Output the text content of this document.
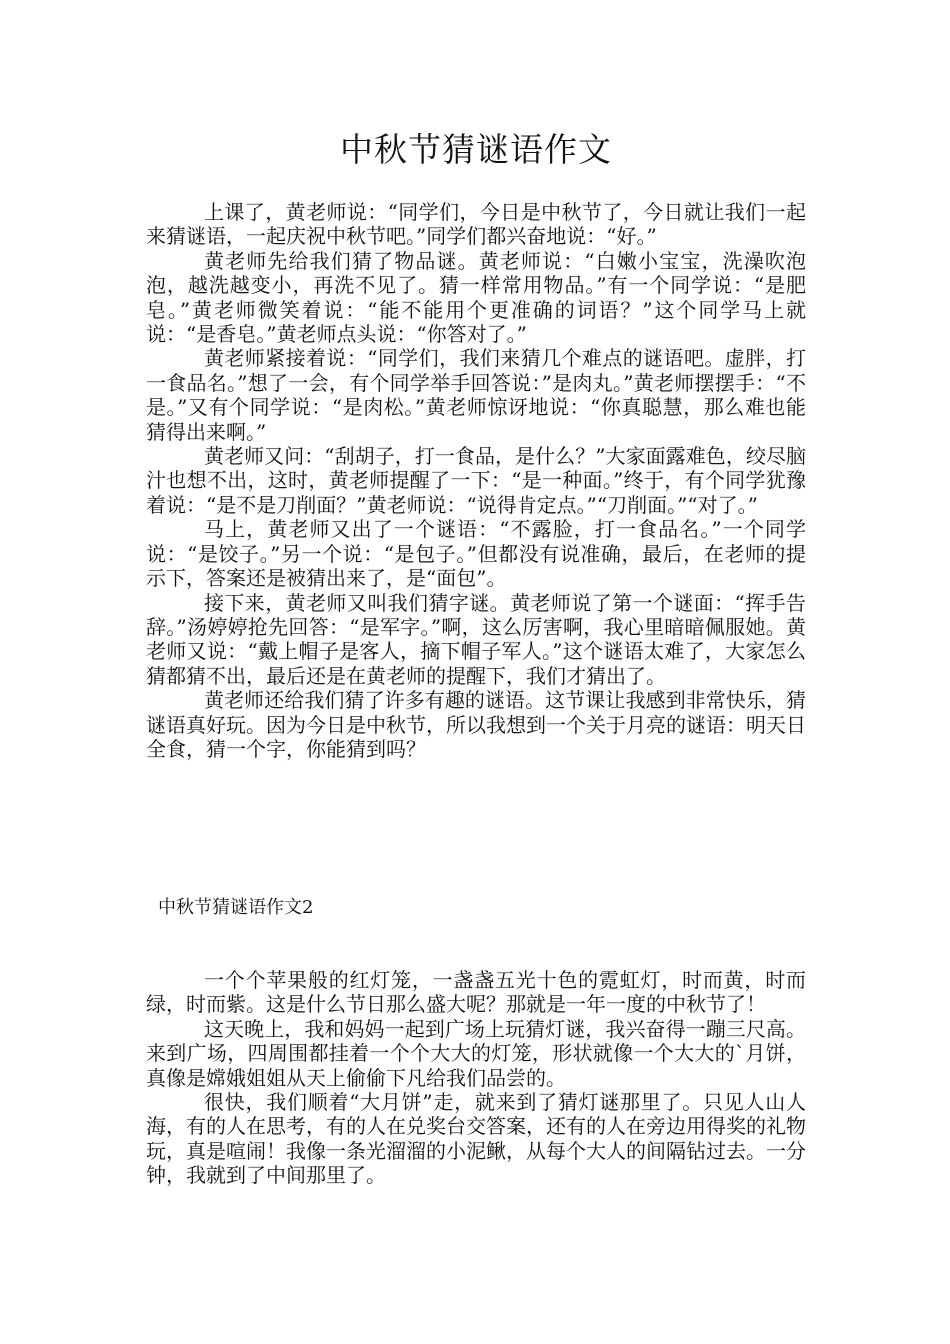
中秋节猜谜语作文

上课了，黄老师说：“同学们，今日是中秋节了，今日就让我们一起来猜谜语，一起庆祝中秋节吧。”同学们都兴奋地说：“好。”

黄老师先给我们猜了物品谜。黄老师说：“白嫩小宝宝，洗澡吹泡泡，越洗越变小，再洗不见了。猜一样常用物品。”有一个同学说：“是肥皂。”黄老师微笑着说：“能不能用个更准确的词语？”这个同学马上就说：“是香皂。”黄老师点头说：“你答对了。”

黄老师紧接着说：“同学们，我们来猜几个难点的谜语吧。虚胖，打一食品名。”想了一会，有个同学举手回答说：”是肉丸。”黄老师摆摆手：“不是。”又有个同学说：“是肉松。”黄老师惊讶地说：“你真聪慧，那么难也能猜得出来啊。”

黄老师又问：“刮胡子，打一食品，是什么？”大家面露难色，绞尽脑汁也想不出，这时，黄老师提醒了一下：“是一种面。”终于，有个同学犹豫着说：“是不是刀削面？”黄老师说：“说得肯定点。”“刀削面。”“对了。”

马上，黄老师又出了一个谜语：“不露脸，打一食品名。”一个同学说：“是饺子。”另一个说：“是包子。”但都没有说准确，最后，在老师的提示下，答案还是被猜出来了，是“面包”。

接下来，黄老师又叫我们猜字谜。黄老师说了第一个谜面：“挥手告辞。”汤婷婷抢先回答：“是军字。”啊，这么厉害啊，我心里暗暗佩服她。黄老师又说：“戴上帽子是客人，摘下帽子军人。”这个谜语太难了，大家怎么猜都猜不出，最后还是在黄老师的提醒下，我们才猜出了。

黄老师还给我们猜了许多有趣的谜语。这节课让我感到非常快乐，猜谜语真好玩。因为今日是中秋节，所以我想到一个关于月亮的谜语：明天日全食，猜一个字，你能猜到吗？

中秋节猜谜语作文2

一个个苹果般的红灯笼，一盏盏五光十色的霓虹灯，时而黄，时而绿，时而紫。这是什么节日那么盛大呢？那就是一年一度的中秋节了！

这天晚上，我和妈妈一起到广场上玩猜灯谜，我兴奋得一蹦三尺高。来到广场，四周围都挂着一个个大大的灯笼，形状就像一个大大的`月饼，真像是嫦娥姐姐从天上偷偷下凡给我们品尝的。

很快，我们顺着“大月饼”走，就来到了猜灯谜那里了。只见人山人海，有的人在思考，有的人在兑奖台交答案，还有的人在旁边用得奖的礼物玩，真是喧闹！我像一条光溜溜的小泥鳅，从每个大人的间隔钻过去。一分钟，我就到了中间那里了。
